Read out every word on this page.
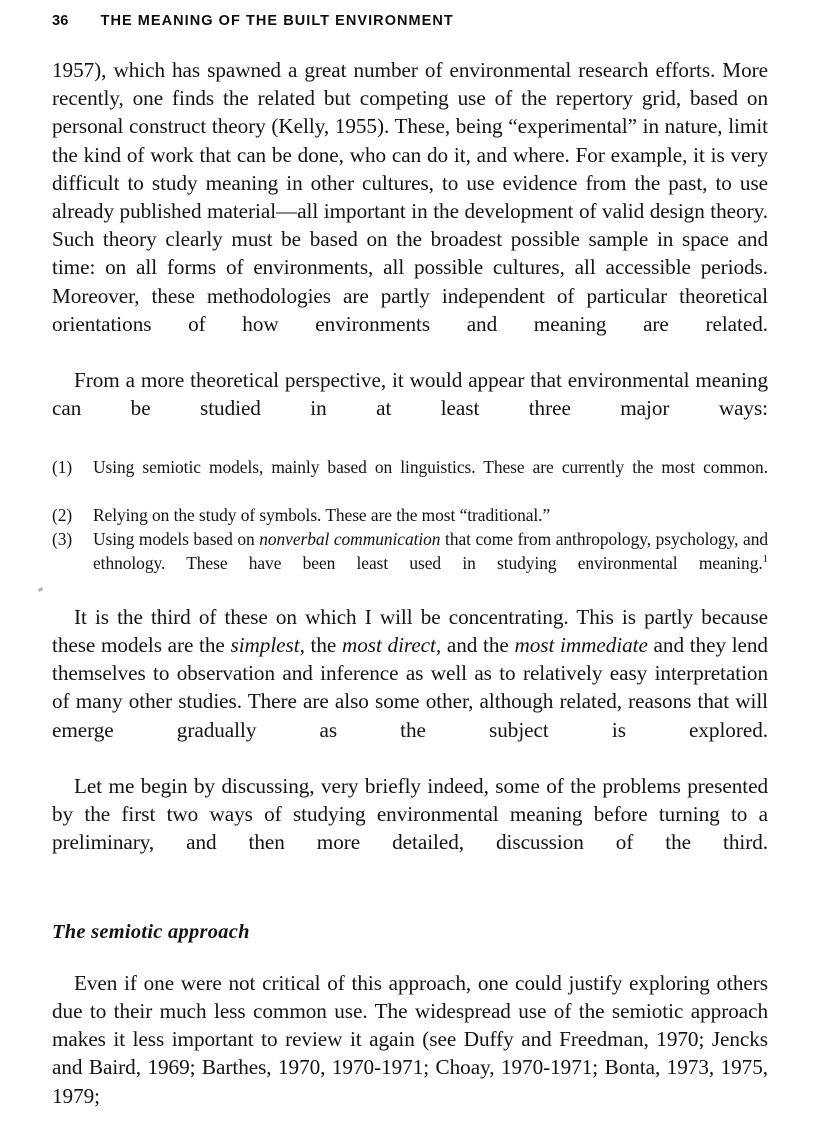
36 THE MEANING OF THE BUILT ENVIRONMENT

1957), which has spawned a great number of environmental research efforts. More recently, one finds the related but competing use of the repertory grid, based on personal construct theory (Kelly, 1955). These, being “experimental” in nature, limit the kind of work that can be done, who can do it, and where. For example, it is very difficult to study meaning in other cultures, to use evidence from the past, to use already published material—all important in the development of valid design theory. Such theory clearly must be based on the broadest possible sample in space and time: on all forms of environments, all possible cultures, all accessible periods. Moreover, these methodologies are partly independent of particular theoretical orientations of how environments and meaning are related.

From a more theoretical perspective, it would appear that environmental meaning can be studied in at least three major ways:

(1)	Using semiotic models, mainly based on linguistics. These are currently the most common.
(2)	Relying on the study of symbols. These are the most “traditional.”
(3)	Using models based on nonverbal communication that come from anthropology, psychology, and ethnology. These have been least used in studying environmental meaning.$^1$

It is the third of these on which I will be concentrating. This is partly because these models are the simplest, the most direct, and the most immediate and they lend themselves to observation and inference as well as to relatively easy interpretation of many other studies. There are also some other, although related, reasons that will emerge gradually as the subject is explored.

Let me begin by discussing, very briefly indeed, some of the problems presented by the first two ways of studying environmental meaning before turning to a preliminary, and then more detailed, discussion of the third.

The semiotic approach

Even if one were not critical of this approach, one could justify exploring others due to their much less common use. The widespread use of the semiotic approach makes it less important to review it again (see Duffy and Freedman, 1970; Jencks and Baird, 1969; Barthes, 1970, 1970-1971; Choay, 1970-1971; Bonta, 1973, 1975, 1979;
